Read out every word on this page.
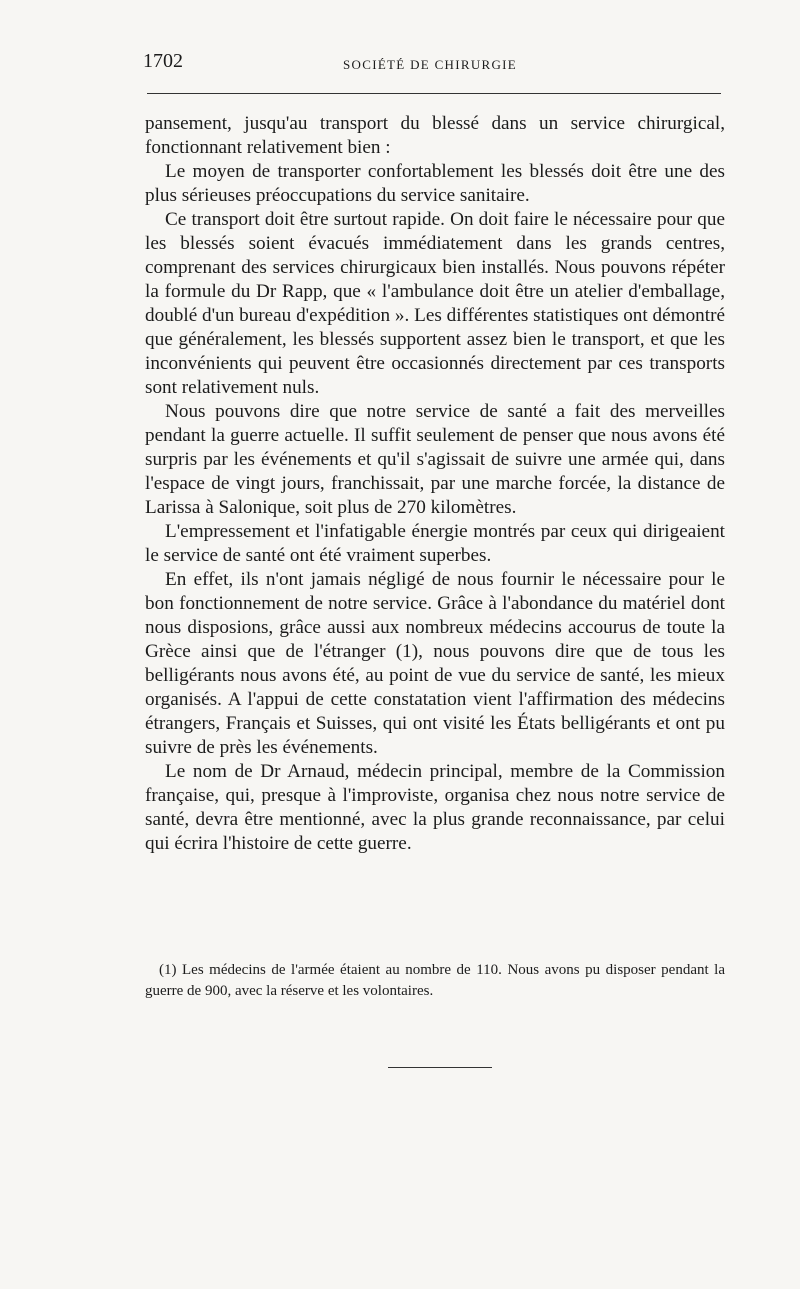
1702	SOCIÉTÉ DE CHIRURGIE

pansement, jusqu'au transport du blessé dans un service chirurgical, fonctionnant relativement bien :

Le moyen de transporter confortablement les blessés doit être une des plus sérieuses préoccupations du service sanitaire.

Ce transport doit être surtout rapide. On doit faire le nécessaire pour que les blessés soient évacués immédiatement dans les grands centres, comprenant des services chirurgicaux bien installés. Nous pouvons répéter la formule du Dr Rapp, que « l'ambulance doit être un atelier d'emballage, doublé d'un bureau d'expédition ». Les différentes statistiques ont démontré que généralement, les blessés supportent assez bien le transport, et que les inconvénients qui peuvent être occasionnés directement par ces transports sont relativement nuls.

Nous pouvons dire que notre service de santé a fait des merveilles pendant la guerre actuelle. Il suffit seulement de penser que nous avons été surpris par les événements et qu'il s'agissait de suivre une armée qui, dans l'espace de vingt jours, franchissait, par une marche forcée, la distance de Larissa à Salonique, soit plus de 270 kilomètres.

L'empressement et l'infatigable énergie montrés par ceux qui dirigeaient le service de santé ont été vraiment superbes.

En effet, ils n'ont jamais négligé de nous fournir le nécessaire pour le bon fonctionnement de notre service. Grâce à l'abondance du matériel dont nous disposions, grâce aussi aux nombreux médecins accourus de toute la Grèce ainsi que de l'étranger (1), nous pouvons dire que de tous les belligérants nous avons été, au point de vue du service de santé, les mieux organisés. A l'appui de cette constatation vient l'affirmation des médecins étrangers, Français et Suisses, qui ont visité les États belligérants et ont pu suivre de près les événements.

Le nom de Dr Arnaud, médecin principal, membre de la Commission française, qui, presque à l'improviste, organisa chez nous notre service de santé, devra être mentionné, avec la plus grande reconnaissance, par celui qui écrira l'histoire de cette guerre.

(1) Les médecins de l'armée étaient au nombre de 110. Nous avons pu disposer pendant la guerre de 900, avec la réserve et les volontaires.
